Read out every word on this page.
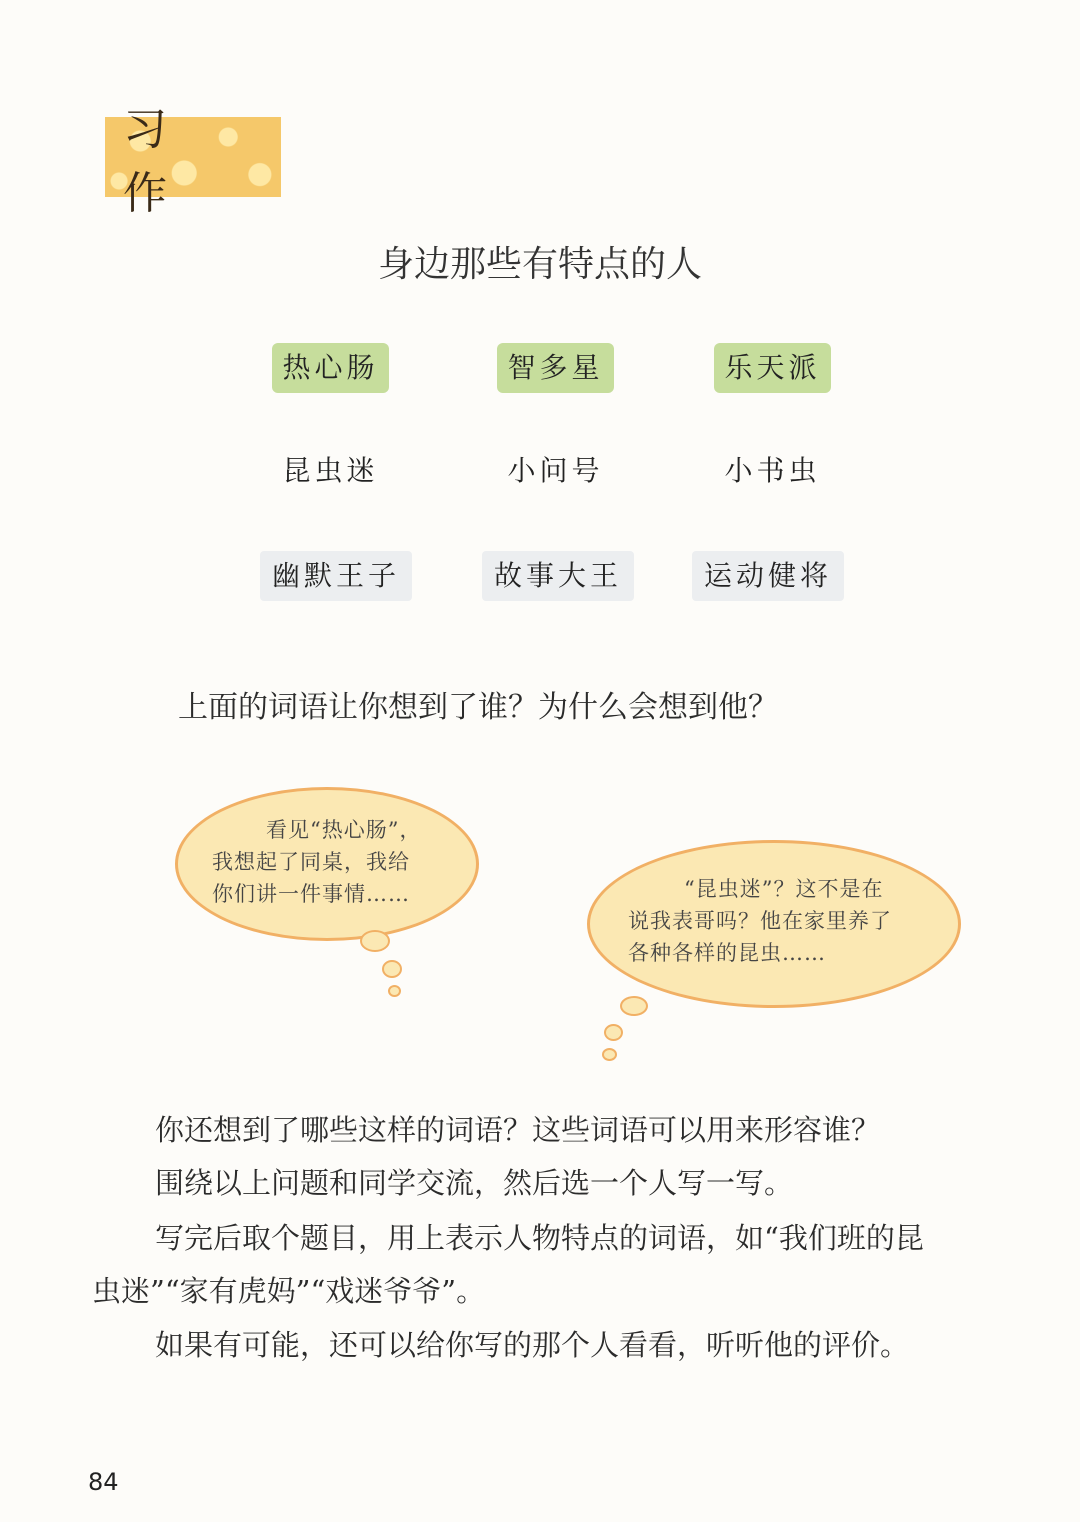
习 作
身边那些有特点的人
热心肠	智多星	乐天派
昆虫迷	小问号	小书虫
幽默王子	故事大王	运动健将

上面的词语让你想到了谁？为什么会想到他？

看见“热心肠”，

我想起了同桌，我给

你们讲一件事情……	“昆虫迷”？这不是在

说我表哥吗？他在家里养了

各种各样的昆虫……

你还想到了哪些这样的词语？这些词语可以用来形容谁？

围绕以上问题和同学交流，然后选一个人写一写。

写完后取个题目，用上表示人物特点的词语，如“我们班的昆

虫迷”“家有虎妈”“戏迷爷爷”。

如果有可能，还可以给你写的那个人看看，听听他的评价。

84
